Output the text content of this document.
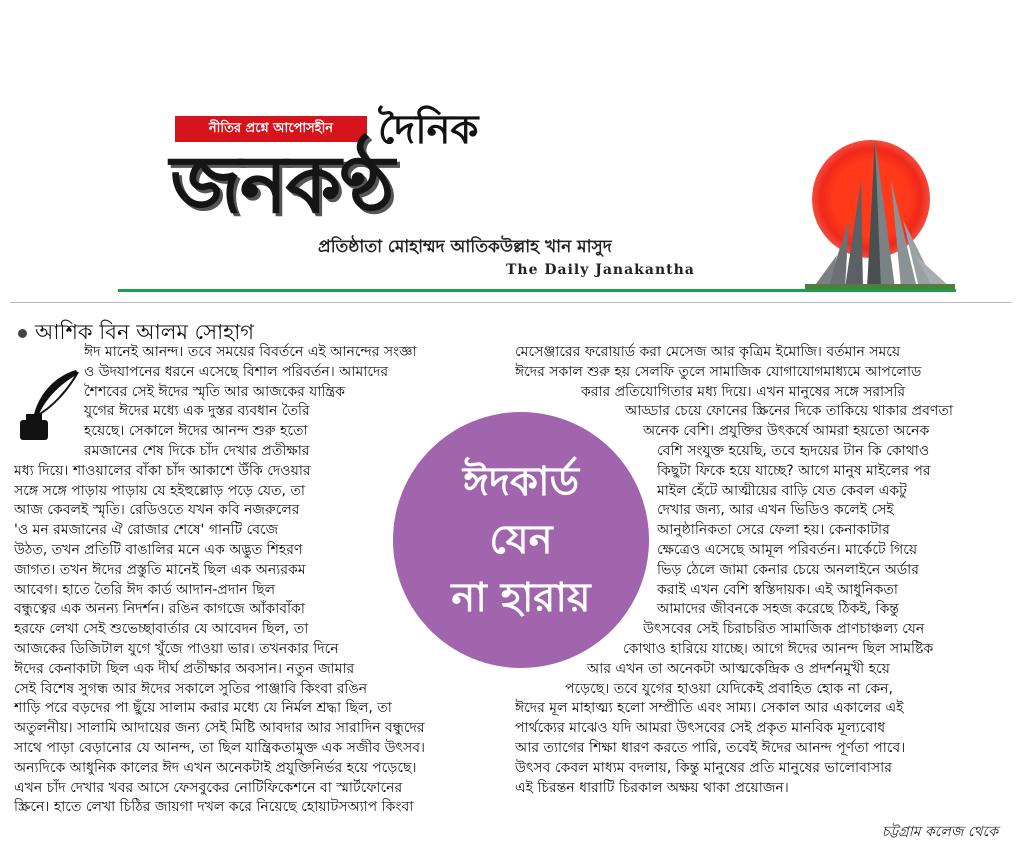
নীতির প্রশ্নে আপোসহীন	দৈনিক
জনকণ্ঠ
প্রতিষ্ঠাতা মোহাম্মদ আতিকউল্লাহ খান মাসুদ
The Daily Janakantha
আশিক বিন আলম সোহাগ
ঈদ মানেই আনন্দ। তবে সময়ের বিবর্তনে এই আনন্দের সংজ্ঞা
ও উদযাপনের ধরনে এসেছে বিশাল পরিবর্তন। আমাদের
শৈশবের সেই ঈদের স্মৃতি আর আজকের যান্ত্রিক
যুগের ঈদের মধ্যে এক দুস্তর ব্যবধান তৈরি
হয়েছে। সেকালে ঈদের আনন্দ শুরু হতো
রমজানের শেষ দিকে চাঁদ দেখার প্রতীক্ষার
মধ্য দিয়ে। শাওয়ালের বাঁকা চাঁদ আকাশে উঁকি দেওয়ার
সঙ্গে সঙ্গে পাড়ায় পাড়ায় যে হইহুল্লোড় পড়ে যেত, তা
আজ কেবলই স্মৃতি। রেডিওতে যখন কবি নজরুলের
'ও মন রমজানের ঐ রোজার শেষে' গানটি বেজে
উঠত, তখন প্রতিটি বাঙালির মনে এক অদ্ভুত শিহরণ
জাগত। তখন ঈদের প্রস্তুতি মানেই ছিল এক অন্যরকম
আবেগ। হাতে তৈরি ঈদ কার্ড আদান-প্রদান ছিল
বন্ধুত্বের এক অনন্য নিদর্শন। রঙিন কাগজে আঁকাবাঁকা
হরফে লেখা সেই শুভেচ্ছাবার্তার যে আবেদন ছিল, তা
আজকের ডিজিটাল যুগে খুঁজে পাওয়া ভার। তখনকার দিনে
ঈদের কেনাকাটা ছিল এক দীর্ঘ প্রতীক্ষার অবসান। নতুন জামার
সেই বিশেষ সুগন্ধ আর ঈদের সকালে সুতির পাঞ্জাবি কিংবা রঙিন
শাড়ি পরে বড়দের পা ছুঁয়ে সালাম করার মধ্যে যে নির্মল শ্রদ্ধা ছিল, তা
অতুলনীয়। সালামি আদায়ের জন্য সেই মিষ্টি আবদার আর সারাদিন বন্ধুদের
সাথে পাড়া বেড়ানোর যে আনন্দ, তা ছিল যান্ত্রিকতামুক্ত এক সজীব উৎসব।
অন্যদিকে আধুনিক কালের ঈদ এখন অনেকটাই প্রযুক্তিনির্ভর হয়ে পড়েছে।
এখন চাঁদ দেখার খবর আসে ফেসবুকের নোটিফিকেশনে বা স্মার্টফোনের
স্ক্রিনে। হাতে লেখা চিঠির জায়গা দখল করে নিয়েছে হোয়াটসঅ্যাপ কিংবা
মেসেঞ্জারের ফরোয়ার্ড করা মেসেজ আর কৃত্রিম ইমোজি। বর্তমান সময়ে
ঈদের সকাল শুরু হয় সেলফি তুলে সামাজিক যোগাযোগমাধ্যমে আপলোড
করার প্রতিযোগিতার মধ্য দিয়ে। এখন মানুষের সঙ্গে সরাসরি
আড্ডার চেয়ে ফোনের স্ক্রিনের দিকে তাকিয়ে থাকার প্রবণতা
অনেক বেশি। প্রযুক্তির উৎকর্ষে আমরা হয়তো অনেক
বেশি সংযুক্ত হয়েছি, তবে হৃদয়ের টান কি কোথাও
কিছুটা ফিকে হয়ে যাচ্ছে? আগে মানুষ মাইলের পর
মাইল হেঁটে আত্মীয়ের বাড়ি যেত কেবল একটু
দেখার জন্য, আর এখন ভিডিও কলেই সেই
আনুষ্ঠানিকতা সেরে ফেলা হয়। কেনাকাটার
ক্ষেত্রেও এসেছে আমূল পরিবর্তন। মার্কেটে গিয়ে
ভিড় ঠেলে জামা কেনার চেয়ে অনলাইনে অর্ডার
করাই এখন বেশি স্বস্তিদায়ক। এই আধুনিকতা
আমাদের জীবনকে সহজ করেছে ঠিকই, কিন্তু
উৎসবের সেই চিরাচরিত সামাজিক প্রাণচাঞ্চল্য যেন
কোথাও হারিয়ে যাচ্ছে। আগে ঈদের আনন্দ ছিল সামষ্টিক
আর এখন তা অনেকটা আত্মকেন্দ্রিক ও প্রদর্শনমুখী হয়ে
পড়েছে। তবে যুগের হাওয়া যেদিকেই প্রবাহিত হোক না কেন,
ঈদের মূল মাহাত্ম্য হলো সম্প্রীতি এবং সাম্য। সেকাল আর একালের এই
পার্থক্যের মাঝেও যদি আমরা উৎসবের সেই প্রকৃত মানবিক মূল্যবোধ
আর ত্যাগের শিক্ষা ধারণ করতে পারি, তবেই ঈদের আনন্দ পূর্ণতা পাবে।
উৎসব কেবল মাধ্যম বদলায়, কিন্তু মানুষের প্রতি মানুষের ভালোবাসার
এই চিরন্তন ধারাটি চিরকাল অক্ষয় থাকা প্রয়োজন।
ঈদকার্ড
যেন
না হারায়
চট্টগ্রাম কলেজ থেকে
